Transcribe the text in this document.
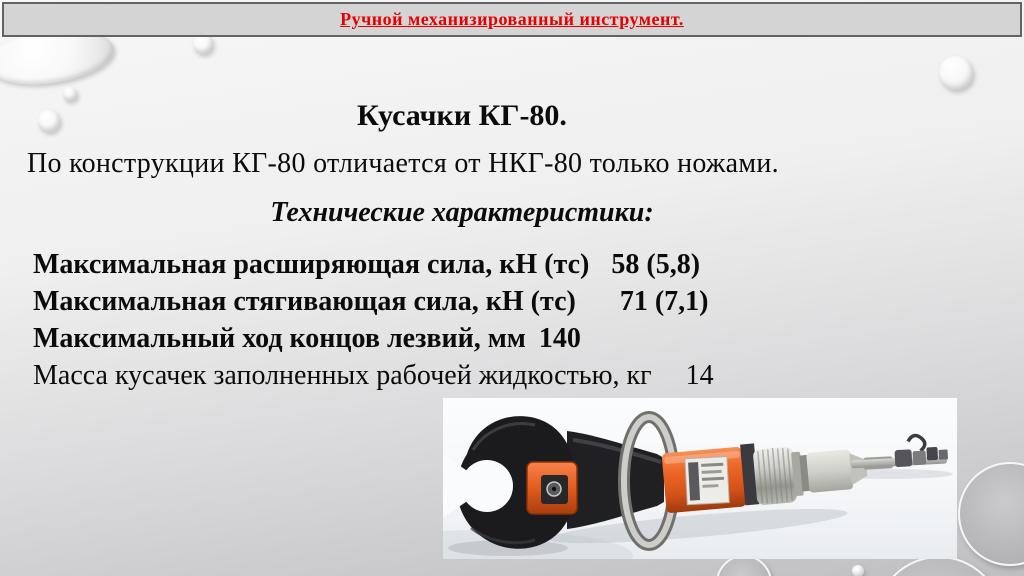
Ручной механизированный инструмент.
Кусачки КГ-80.
По конструкции КГ-80 отличается от НКГ-80 только ножами.
Технические характеристики:
Максимальная расширяющая сила, кН (тс) 58 (5,8)
Максимальная стягивающая сила, кН (тс) 71 (7,1)
Максимальный ход концов лезвий, мм 140
Масса кусачек заполненных рабочей жидкостью, кг 14
